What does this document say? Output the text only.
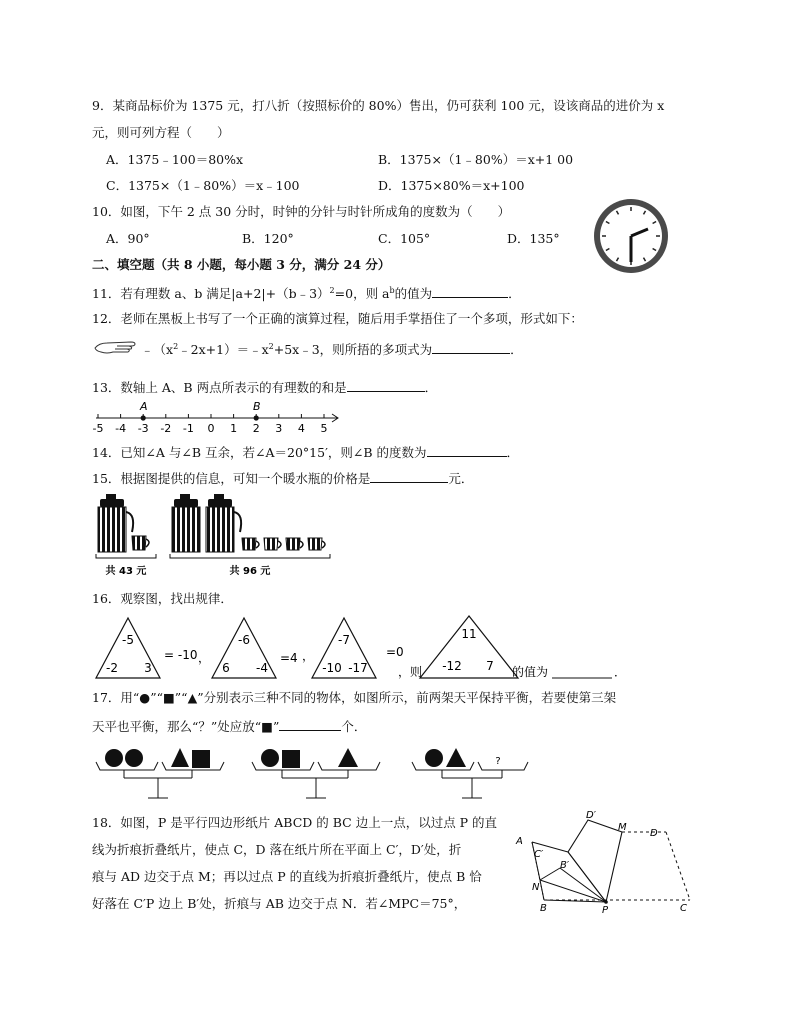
9．某商品标价为 1375 元，打八折（按照标价的 80%）售出，仍可获利 100 元，设该商品的进价为 x
元，则可列方程（　　）
A．1375﹣100＝80%x	B．1375×（1﹣80%）＝x+1 00
C．1375×（1﹣80%）＝x﹣100	D．1375×80%＝x+100
10．如图，下午 2 点 30 分时，时钟的分针与时针所成角的度数为（　　）
A．90°	B．120°	C．105°	D．135°
二、填空题（共 8 小题，每小题 3 分，满分 24 分）
11．若有理数 a、b 满足|a+2|+（b﹣3）$^2$=0，则 $a^b$的值为	．
12．老师在黑板上书写了一个正确的演算过程，随后用手掌捂住了一个多项，形式如下：
$﹣(x^2﹣2x+1)=﹣x^2+5x﹣3$，则所捂的多项式为	．
13．数轴上 A、B 两点所表示的有理数的和是	．
A	B
-5 -4 -3 -2 -1 0 1 2 3 4 5
14．已知∠A 与∠B 互余，若∠A＝20°15′，则∠B 的度数为	．
15．根据图提供的信息，可知一个暖水瓶的价格是	元．
共 43 元	共 96 元
16．观察图，找出规律．
-5
-2 3
= -10 ，
-6
6 -4
=4 ，
-7
-10 -17
=0
，则
11
-12 7 的值为	．
17．用“●”“■”“▲”分别表示三种不同的物体，如图所示，前两架天平保持平衡，若要使第三架
天平也平衡，那么“？”处应放“■”	个．
?
18．如图，P 是平行四边形纸片 ABCD 的 BC 边上一点，以过点 P 的直
线为折痕折叠纸片，使点 C，D 落在纸片所在平面上 C′，D′处，折
痕与 AD 边交于点 M；再以过点 P 的直线为折痕折叠纸片，使点 B 恰
好落在 C′P 边上 B′处，折痕与 AB 边交于点 N．若∠MPC＝75°，
D′
M
D
A
C′
B′
N
B	P	C
